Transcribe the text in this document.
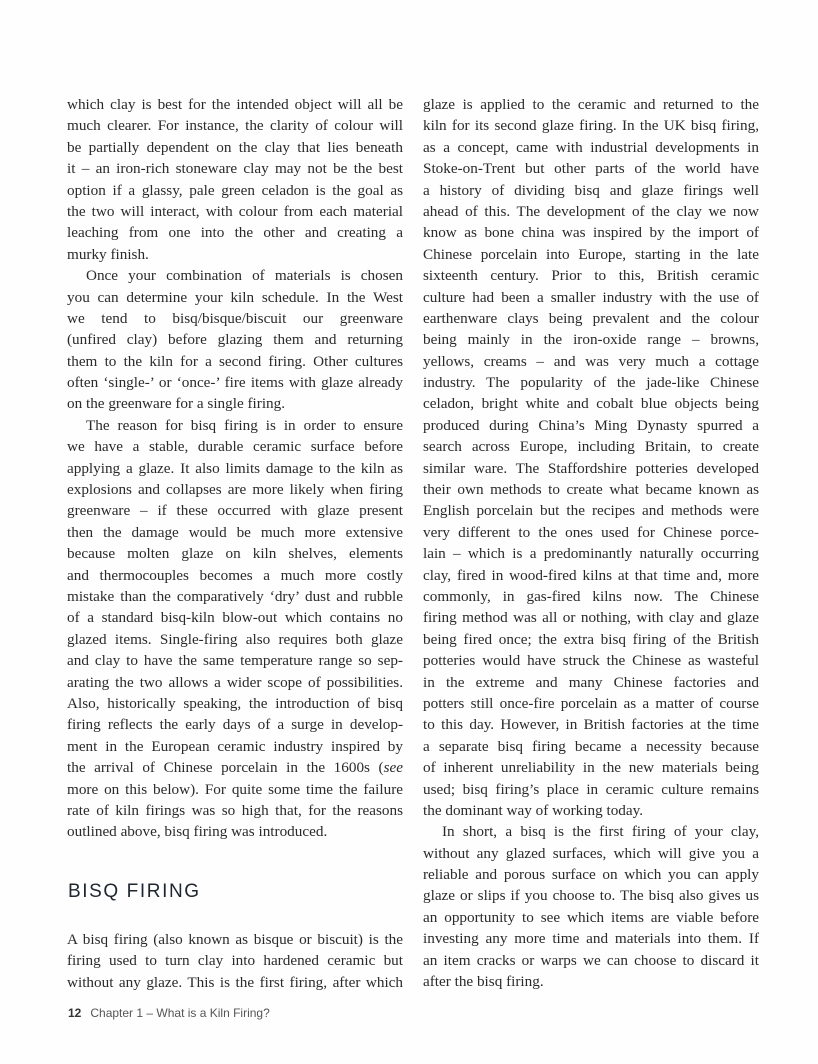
which clay is best for the intended object will all be
much clearer. For instance, the clarity of colour will
be partially dependent on the clay that lies beneath
it – an iron-rich stoneware clay may not be the best
option if a glassy, pale green celadon is the goal as
the two will interact, with colour from each material
leaching from one into the other and creating a
murky finish.
Once your combination of materials is chosen
you can determine your kiln schedule. In the West
we tend to bisq/bisque/biscuit our greenware
(unfired clay) before glazing them and returning
them to the kiln for a second firing. Other cultures
often ‘single-’ or ‘once-’ fire items with glaze already
on the greenware for a single firing.
The reason for bisq firing is in order to ensure
we have a stable, durable ceramic surface before
applying a glaze. It also limits damage to the kiln as
explosions and collapses are more likely when firing
greenware – if these occurred with glaze present
then the damage would be much more extensive
because molten glaze on kiln shelves, elements
and thermocouples becomes a much more costly
mistake than the comparatively ‘dry’ dust and rubble
of a standard bisq-kiln blow-out which contains no
glazed items. Single-firing also requires both glaze
and clay to have the same temperature range so sep-
arating the two allows a wider scope of possibilities.
Also, historically speaking, the introduction of bisq
firing reflects the early days of a surge in develop-
ment in the European ceramic industry inspired by
the arrival of Chinese porcelain in the 1600s (see
more on this below). For quite some time the failure
rate of kiln firings was so high that, for the reasons
outlined above, bisq firing was introduced.
BISQ FIRING
A bisq firing (also known as bisque or biscuit) is the
firing used to turn clay into hardened ceramic but
without any glaze. This is the first firing, after which
glaze is applied to the ceramic and returned to the
kiln for its second glaze firing. In the UK bisq firing,
as a concept, came with industrial developments in
Stoke-on-Trent but other parts of the world have
a history of dividing bisq and glaze firings well
ahead of this. The development of the clay we now
know as bone china was inspired by the import of
Chinese porcelain into Europe, starting in the late
sixteenth century. Prior to this, British ceramic
culture had been a smaller industry with the use of
earthenware clays being prevalent and the colour
being mainly in the iron-oxide range – browns,
yellows, creams – and was very much a cottage
industry. The popularity of the jade-like Chinese
celadon, bright white and cobalt blue objects being
produced during China’s Ming Dynasty spurred a
search across Europe, including Britain, to create
similar ware. The Staffordshire potteries developed
their own methods to create what became known as
English porcelain but the recipes and methods were
very different to the ones used for Chinese porce-
lain – which is a predominantly naturally occurring
clay, fired in wood-fired kilns at that time and, more
commonly, in gas-fired kilns now. The Chinese
firing method was all or nothing, with clay and glaze
being fired once; the extra bisq firing of the British
potteries would have struck the Chinese as wasteful
in the extreme and many Chinese factories and
potters still once-fire porcelain as a matter of course
to this day. However, in British factories at the time
a separate bisq firing became a necessity because
of inherent unreliability in the new materials being
used; bisq firing’s place in ceramic culture remains
the dominant way of working today.
In short, a bisq is the first firing of your clay,
without any glazed surfaces, which will give you a
reliable and porous surface on which you can apply
glaze or slips if you choose to. The bisq also gives us
an opportunity to see which items are viable before
investing any more time and materials into them. If
an item cracks or warps we can choose to discard it
after the bisq firing.
12 Chapter 1 – What is a Kiln Firing?
